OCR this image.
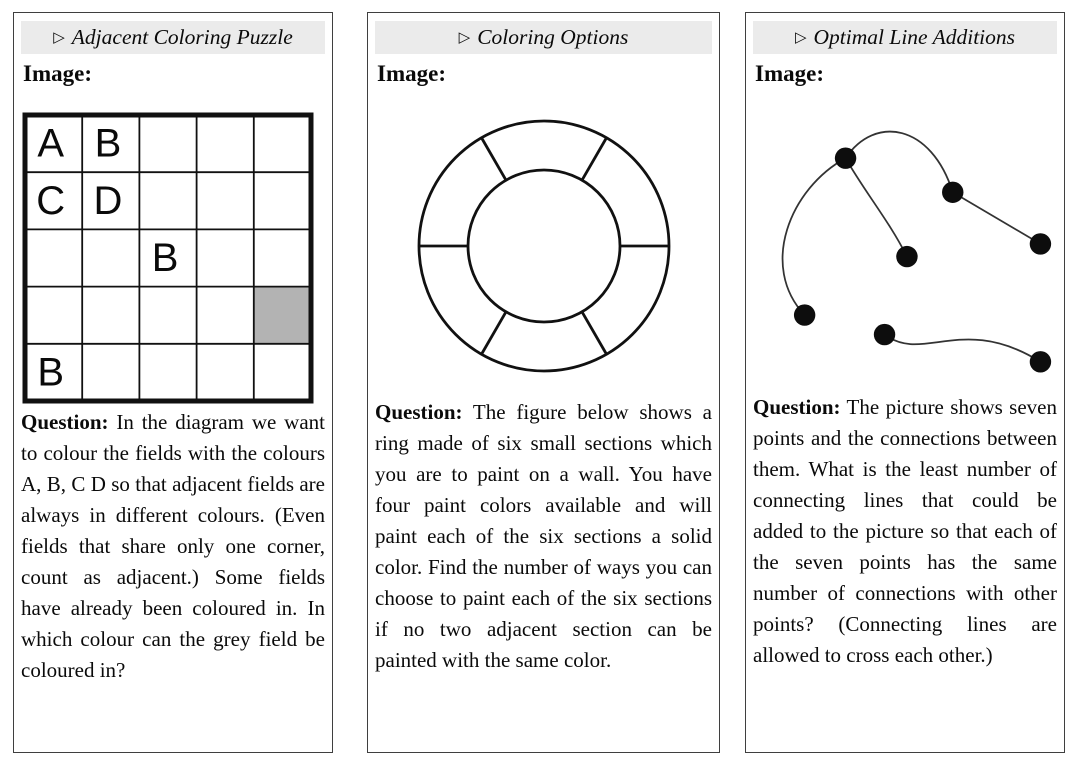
▷ Adjacent Coloring Puzzle
Image:
A B
C D
B
B

Question: In the diagram we want to colour the fields with the colours A, B, C D so that adjacent fields are always in different colours. (Even fields that share only one corner, count as adjacent.) Some fields have already been coloured in. In which colour can the grey field be coloured in?

▷ Coloring Options
Image:

Question: The figure below shows a ring made of six small sections which you are to paint on a wall. You have four paint colors available and will paint each of the six sections a solid color. Find the number of ways you can choose to paint each of the six sections if no two adjacent section can be painted with the same color.

▷ Optimal Line Additions
Image:

Question: The picture shows seven points and the connections between them. What is the least number of connecting lines that could be added to the picture so that each of the seven points has the same number of connections with other points? (Connecting lines are allowed to cross each other.)
